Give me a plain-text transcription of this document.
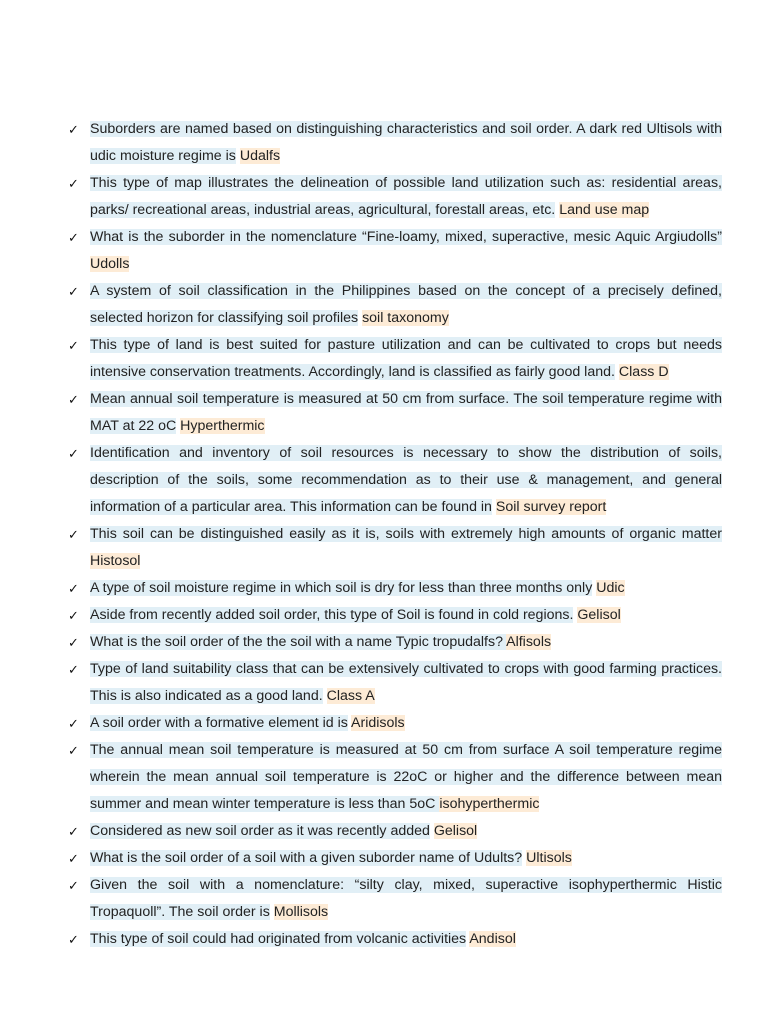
✓ Suborders are named based on distinguishing characteristics and soil order. A dark red Ultisols with udic moisture regime is Udalfs
✓ This type of map illustrates the delineation of possible land utilization such as: residential areas, parks/ recreational areas, industrial areas, agricultural, forestall areas, etc. Land use map
✓ What is the suborder in the nomenclature “Fine-loamy, mixed, superactive, mesic Aquic Argiudolls” Udolls
✓ A system of soil classification in the Philippines based on the concept of a precisely defined, selected horizon for classifying soil profiles soil taxonomy
✓ This type of land is best suited for pasture utilization and can be cultivated to crops but needs intensive conservation treatments. Accordingly, land is classified as fairly good land. Class D
✓ Mean annual soil temperature is measured at 50 cm from surface. The soil temperature regime with MAT at 22 oC Hyperthermic
✓ Identification and inventory of soil resources is necessary to show the distribution of soils, description of the soils, some recommendation as to their use & management, and general information of a particular area. This information can be found in Soil survey report
✓ This soil can be distinguished easily as it is, soils with extremely high amounts of organic matter Histosol
✓ A type of soil moisture regime in which soil is dry for less than three months only Udic
✓ Aside from recently added soil order, this type of Soil is found in cold regions. Gelisol
✓ What is the soil order of the the soil with a name Typic tropudalfs? Alfisols
✓ Type of land suitability class that can be extensively cultivated to crops with good farming practices. This is also indicated as a good land. Class A
✓ A soil order with a formative element id is Aridisols
✓ The annual mean soil temperature is measured at 50 cm from surface A soil temperature regime wherein the mean annual soil temperature is 22oC or higher and the difference between mean summer and mean winter temperature is less than 5oC isohyperthermic
✓ Considered as new soil order as it was recently added Gelisol
✓ What is the soil order of a soil with a given suborder name of Udults? Ultisols
✓ Given the soil with a nomenclature: “silty clay, mixed, superactive isophyperthermic Histic Tropaquoll”. The soil order is Mollisols
✓ This type of soil could had originated from volcanic activities Andisol
